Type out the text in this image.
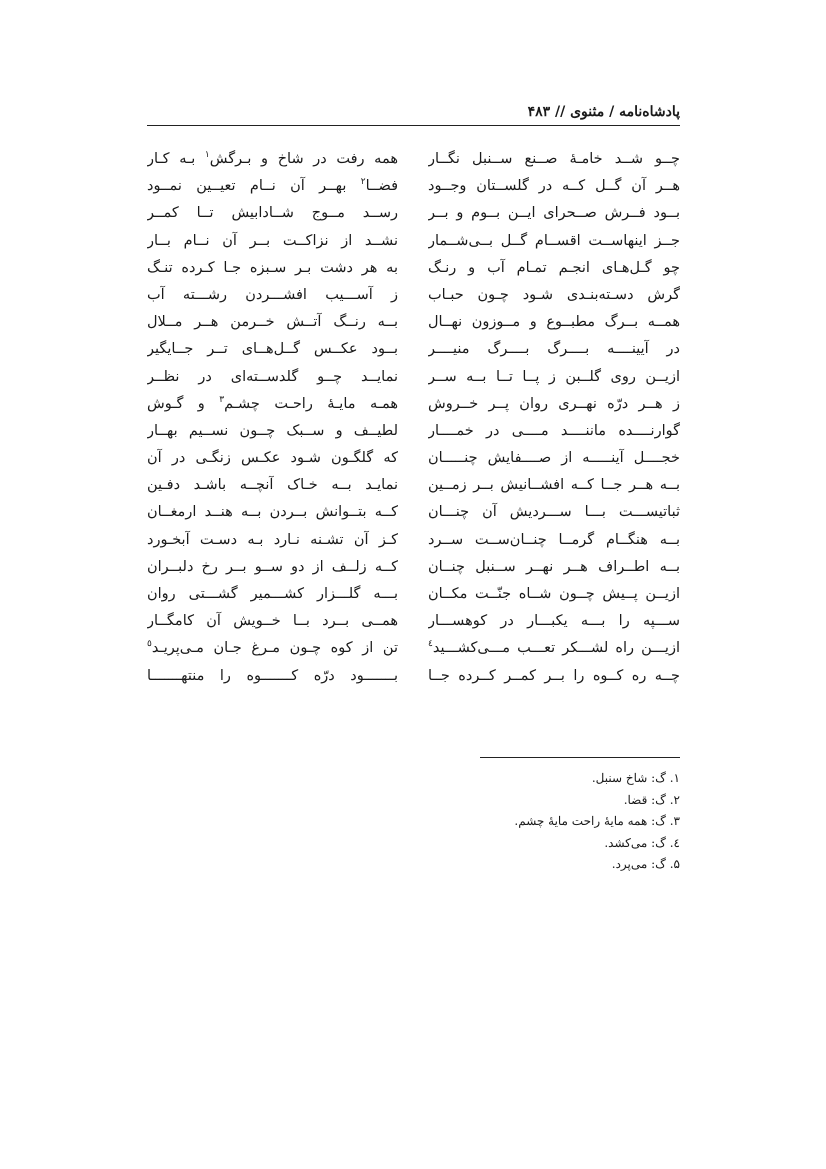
پادشاه‌نامه / مثنوی // ۴۸۳
چــو شــد خامـهٔ صــنع ســنبل نگــار
هــر آن گــل کــه در گلســتان وجــود
بــود فــرش صــحرای ایــن بــوم و بــر
جــز اینهاســت اقســام گــل بــی‌شــمار
چو گـل‌هـای انجـم تمـام آب و رنـگ
گرش دسـته‌بنـدی شـود چـون حبـاب
همــه بــرگ مطبــوع و مــوزون نهــال
در آیینــــه بــــرگ بــــرگ منیــــر
ازیــن روی گلــبن ز پــا تــا بــه ســر
ز هــر درّه نهــری روان پــر خــروش
گوارنــــده ماننــــد مــــی در خمــــار
خجــــل آینـــــه از صــــفایش چنـــــان
بــه هــر جــا کــه افشــانیش بــر زمــین
ثباتیســـت بـــا ســـردیش آن چنـــان
بــه هنگــام گرمــا چنــان‌ســت ســرد
بــه اطــراف هــر نهــر ســنبل چنــان
ازیــن پــیش چــون شــاه جنّــت مکــان
ســـپه را بـــه یکبـــار در کوهســـار
ازیـــن راه لشـــکر تعـــب مـــی‌کشـــید$^٤$
چــه ره کــوه را بــر کمــر کــرده جــا
همه رفت در شاخ و بـرگش$^۱$ بـه کـار
فضــا$^۲$ بهــر آن نــام تعیــین نمــود
رســد مــوج شــادابیش تــا کمــر
نشــد از نزاکــت بــر آن نــام بــار
به هر دشت بـر سـبزه جـا کـرده تنـگ
ز آســـیب افشـــردن رشـــته آب
بــه رنــگ آتــش خــرمن هــر مــلال
بــود عکــس گــل‌هــای تــر جــایگیر
نمایــد چــو گلدســته‌ای در نظــر
همـه مایـهٔ راحـت چشـم$^۳$ و گـوش
لطیــف و ســبک چــون نســیم بهــار
که گلگـون شـود عکـس زنگـی در آن
نمایـد بــه خـاک آنچــه باشـد دفـین
کــه بتــوانش بــردن بــه هنــد ارمغــان
کـز آن تشـنه نـارد بـه دسـت آبخـورد
کــه زلــف از دو ســو بــر رخ دلبــران
بـــه گلـــزار کشـــمیر گشـــتی روان
همــی بــرد بــا خــویش آن کامگــار
تن از کوه چـون مـرغ جـان مـی‌پریـد$^٥$
بـــــــود درّه کـــــــوه را منتهـــــــا
۱. گ: شاخ سنبل.
۲. گ: قضا.
۳. گ: همه مایهٔ راحت مایهٔ چشم.
٤. گ: می‌کشد.
۵. گ: می‌پرد.
